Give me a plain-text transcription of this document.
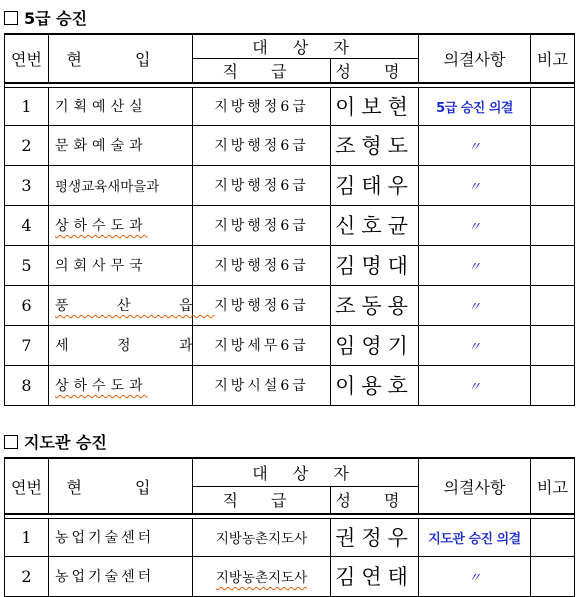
5급 승진
연번	현 입	대 상 자		의결사항	비고
		직 급	성 명		

1	기획예산실	지방행정6급	이보현	5급 승진 의결	
2	문화예술과	지방행정6급	조형도	〃	
3	평생교육새마을과	지방행정6급	김태우	〃	
4	상하수도과	지방행정6급	신호균	〃	
5	의회사무국	지방행정6급	김명대	〃	
6	풍 산 읍	지방행정6급	조동용	〃	
7	세 정 과	지방세무6급	임영기	〃	
8	상하수도과	지방시설6급	이용호	〃	
지도관 승진
연번	현 입	대 상 자		의결사항	비고
		직 급	성 명		

1	농업기술센터	지방농촌지도사	권정우	지도관 승진 의결	
2	농업기술센터	지방농촌지도사	김연태	〃	
